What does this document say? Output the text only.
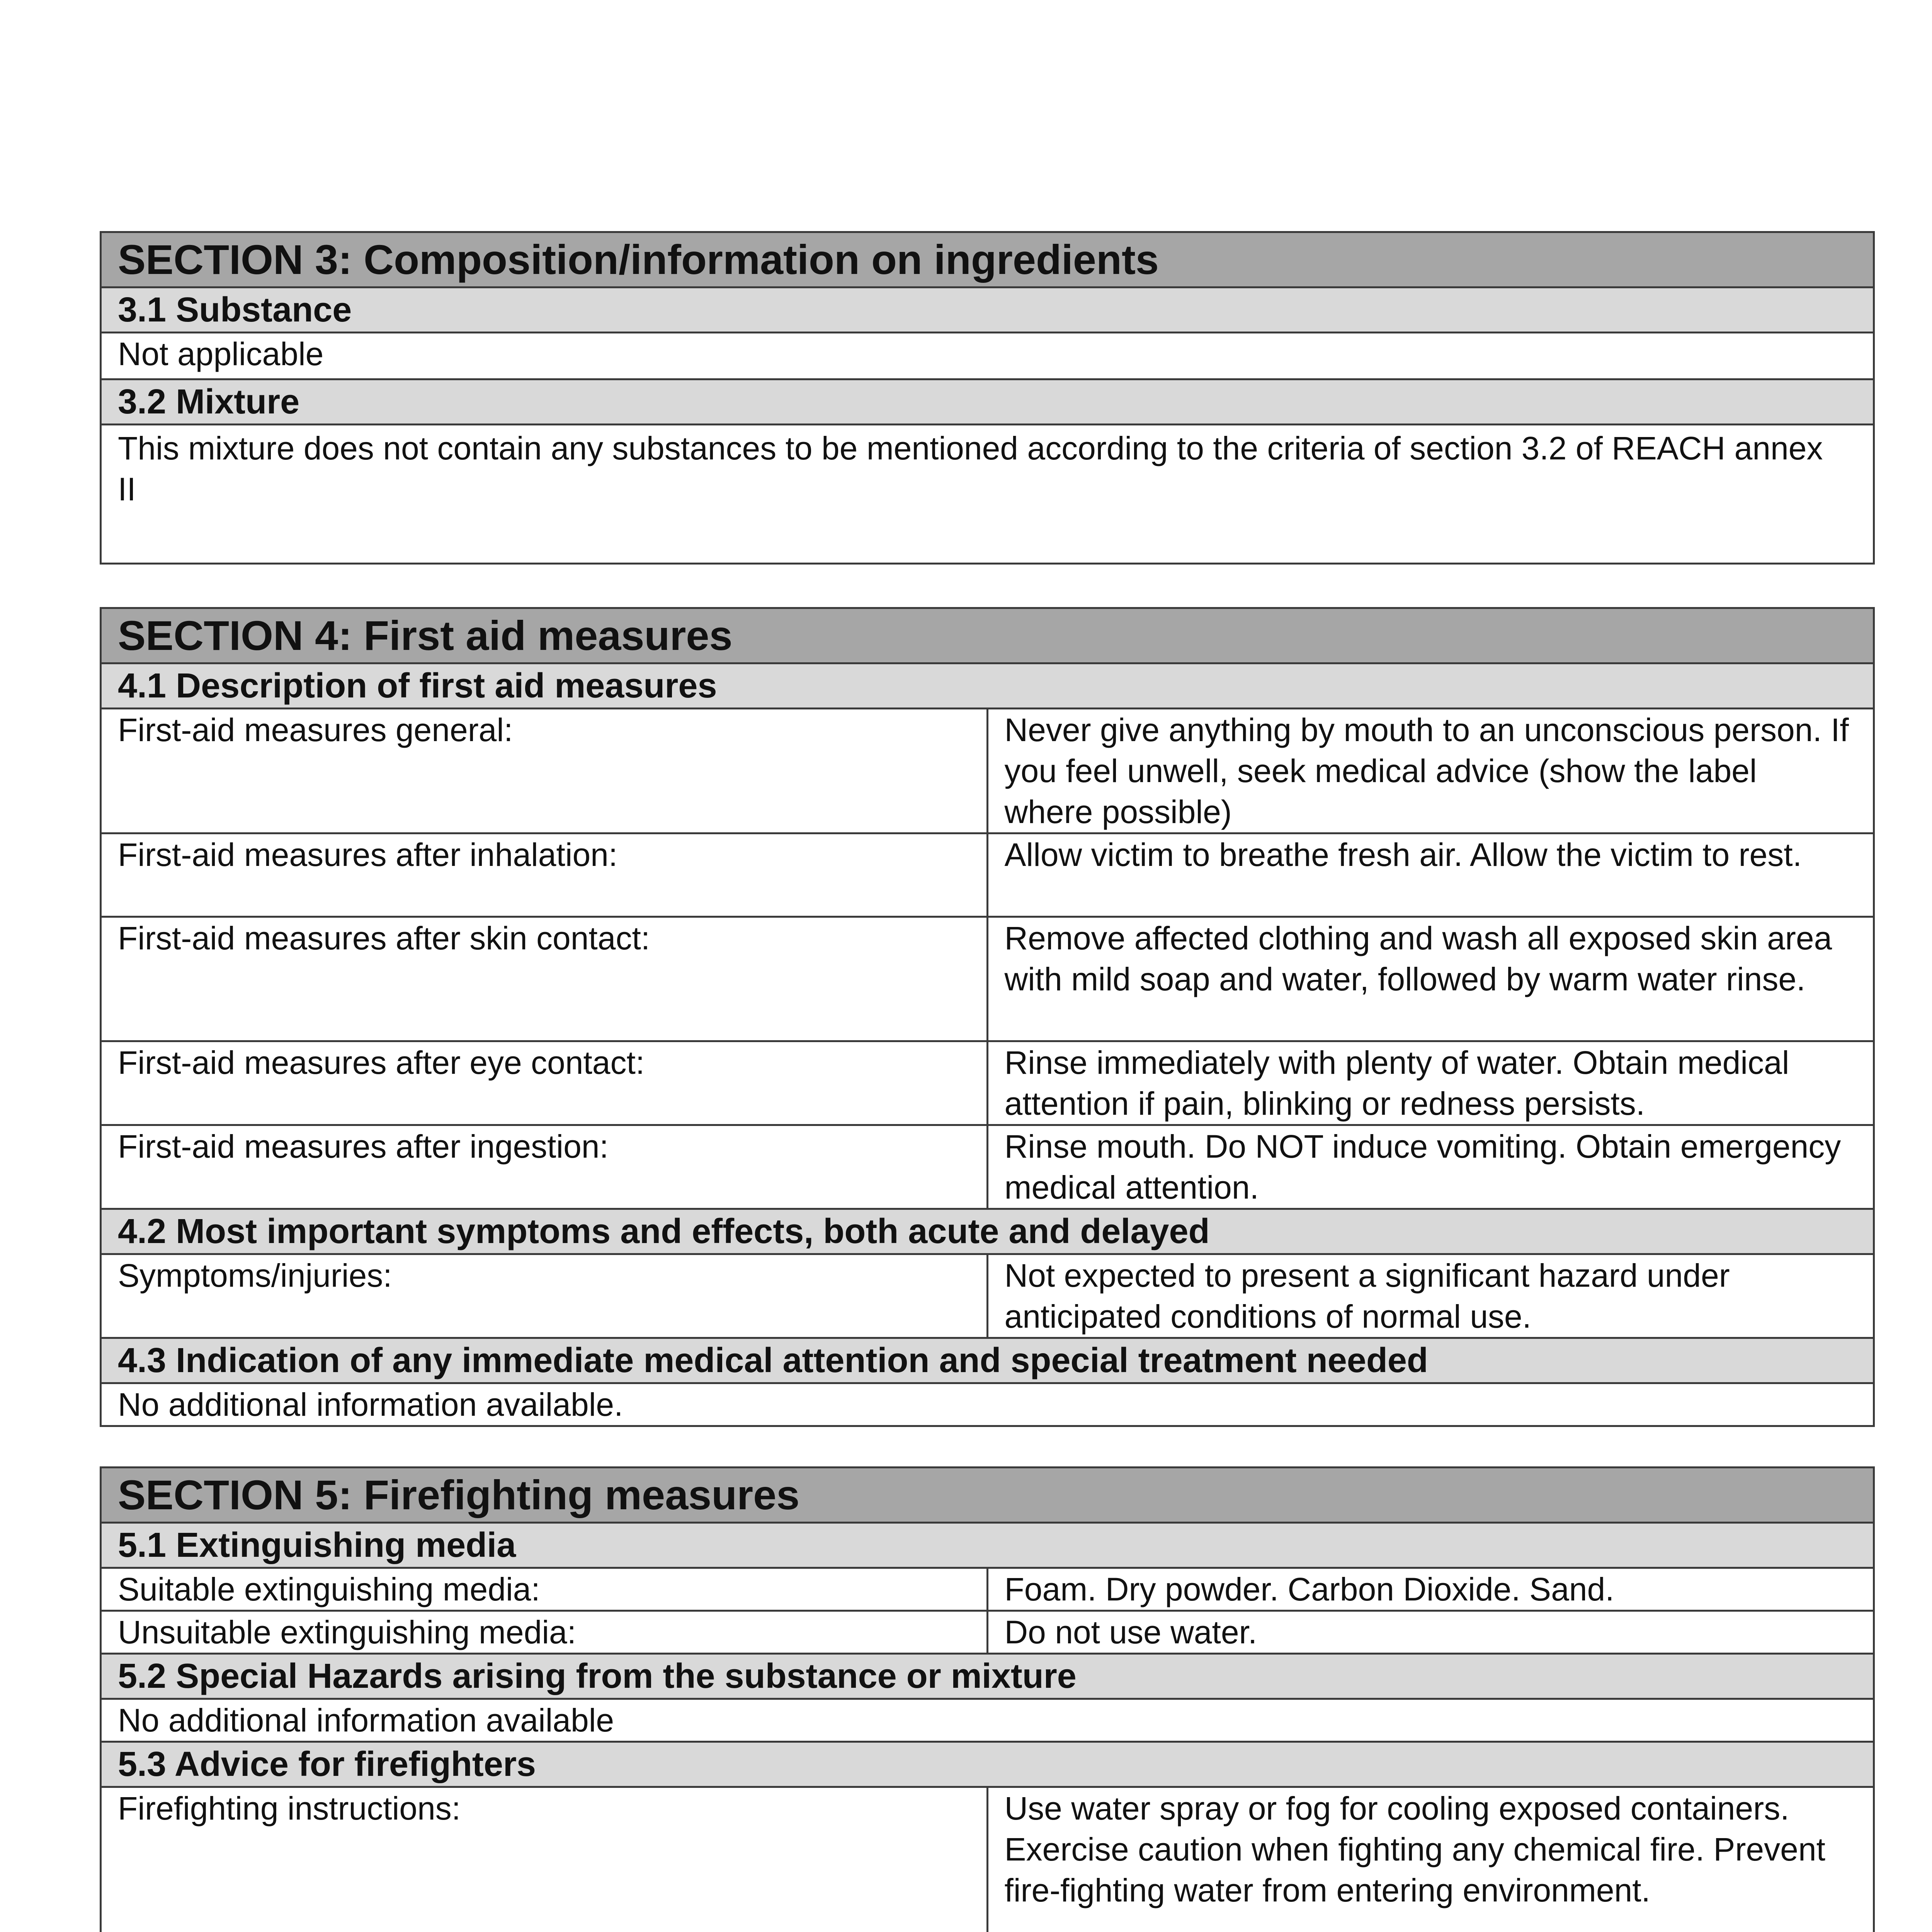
SECTION 3: Composition/information on ingredients
3.1 Substance
Not applicable
3.2 Mixture
This mixture does not contain any substances to be mentioned according to the criteria of section 3.2 of REACH annex II
SECTION 4: First aid measures	
4.1 Description of first aid measures	
First-aid measures general:	Never give anything by mouth to an unconscious person. If you feel unwell, seek medical advice (show the label where possible)
First-aid measures after inhalation:	Allow victim to breathe fresh air. Allow the victim to rest.
First-aid measures after skin contact:	Remove affected clothing and wash all exposed skin area with mild soap and water, followed by warm water rinse.
First-aid measures after eye contact:	Rinse immediately with plenty of water. Obtain medical attention if pain, blinking or redness persists.
First-aid measures after ingestion:	Rinse mouth. Do NOT induce vomiting. Obtain emergency medical attention.
4.2 Most important symptoms and effects, both acute and delayed	
Symptoms/injuries:	Not expected to present a significant hazard under anticipated conditions of normal use.
4.3 Indication of any immediate medical attention and special treatment needed	
No additional information available.	
SECTION 5: Firefighting measures	
5.1 Extinguishing media	
Suitable extinguishing media:	Foam. Dry powder. Carbon Dioxide. Sand.
Unsuitable extinguishing media:	Do not use water.
5.2 Special Hazards arising from the substance or mixture	
No additional information available	
5.3 Advice for firefighters	
Firefighting instructions:	Use water spray or fog for cooling exposed containers. Exercise caution when fighting any chemical fire. Prevent fire-fighting water from entering environment.
